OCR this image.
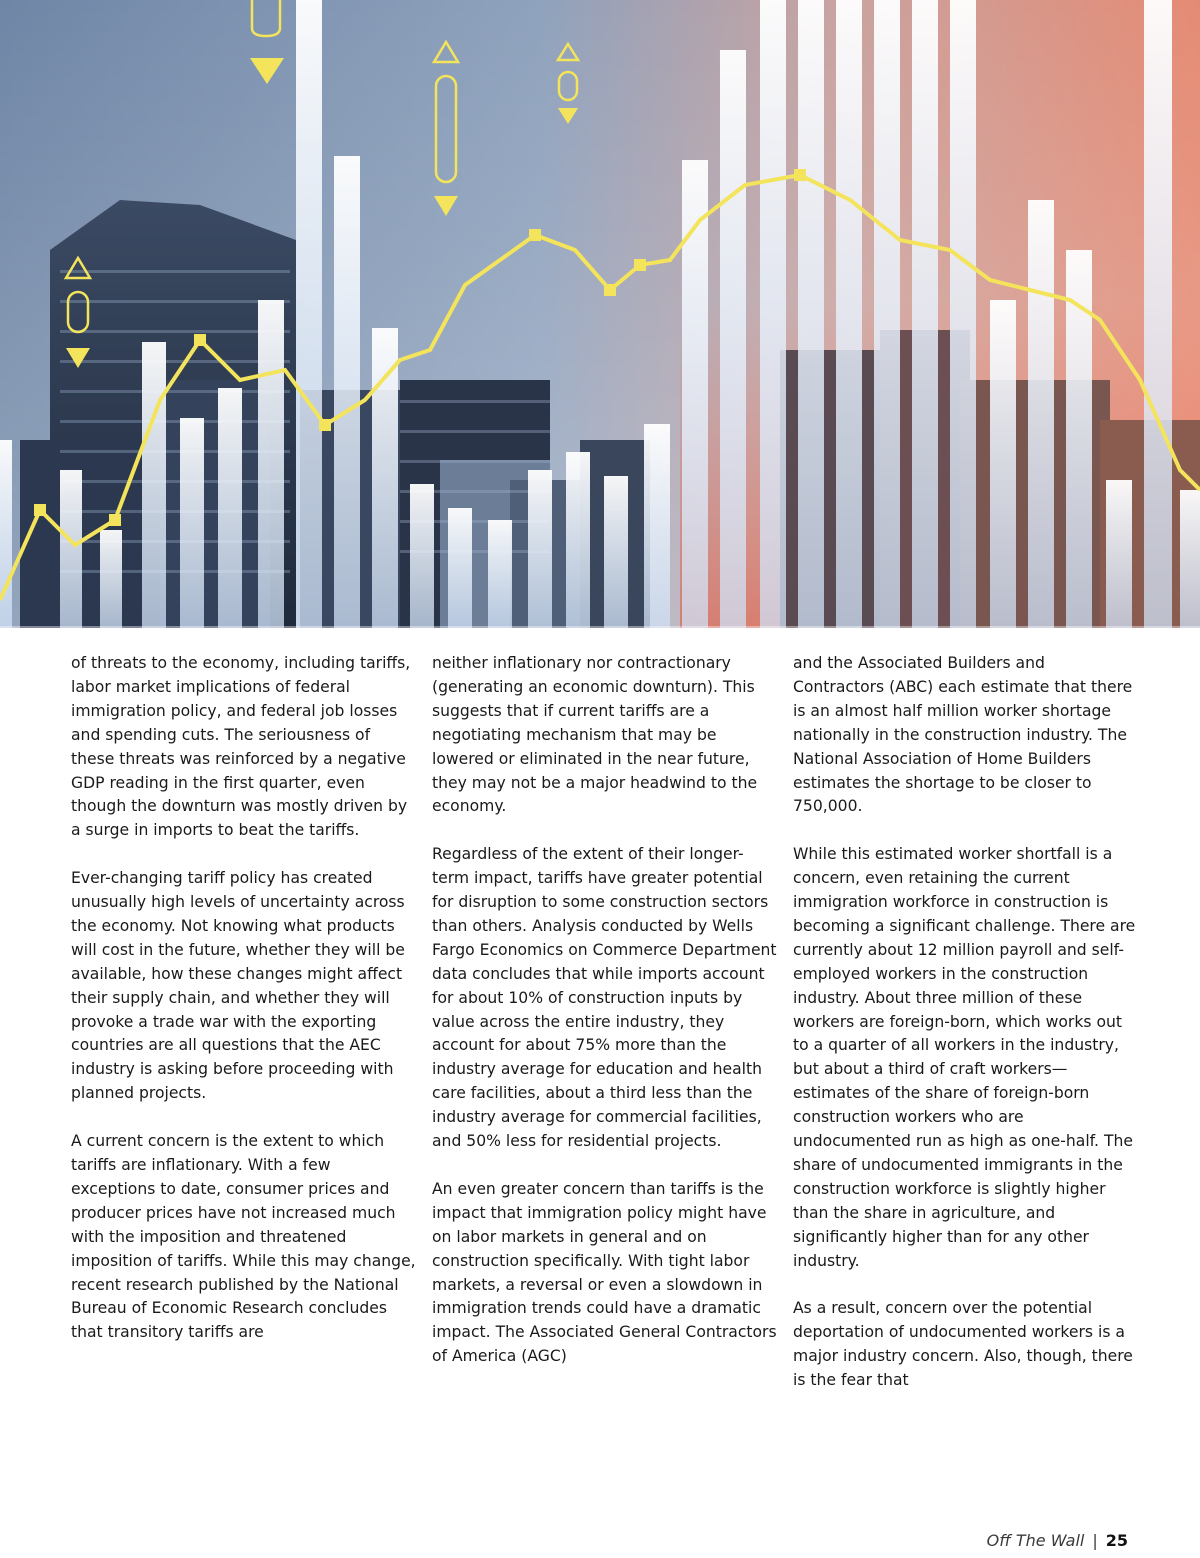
of threats to the economy, including tariffs, labor market implications of federal immigration policy, and federal job losses and spending cuts. The seriousness of these threats was reinforced by a negative GDP reading in the first quarter, even though the downturn was mostly driven by a surge in imports to beat the tariffs.

Ever-changing tariff policy has created unusually high levels of uncertainty across the economy. Not knowing what products will cost in the future, whether they will be available, how these changes might affect their supply chain, and whether they will provoke a trade war with the exporting countries are all questions that the AEC industry is asking before proceeding with planned projects.

A current concern is the extent to which tariffs are inflationary. With a few exceptions to date, consumer prices and producer prices have not increased much with the imposition and threatened imposition of tariffs. While this may change, recent research published by the National Bureau of Economic Research concludes that transitory tariffs are

neither inflationary nor contractionary (generating an economic downturn). This suggests that if current tariffs are a negotiating mechanism that may be lowered or eliminated in the near future, they may not be a major headwind to the economy.

Regardless of the extent of their longer-term impact, tariffs have greater potential for disruption to some construction sectors than others. Analysis conducted by Wells Fargo Economics on Commerce Department data concludes that while imports account for about 10% of construction inputs by value across the entire industry, they account for about 75% more than the industry average for education and health care facilities, about a third less than the industry average for commercial facilities, and 50% less for residential projects.

An even greater concern than tariffs is the impact that immigration policy might have on labor markets in general and on construction specifically. With tight labor markets, a reversal or even a slowdown in immigration trends could have a dramatic impact. The Associated General Contractors of America (AGC)

and the Associated Builders and Contractors (ABC) each estimate that there is an almost half million worker shortage nationally in the construction industry. The National Association of Home Builders estimates the shortage to be closer to 750,000.

While this estimated worker shortfall is a concern, even retaining the current immigration workforce in construction is becoming a significant challenge. There are currently about 12 million payroll and self-employed workers in the construction industry. About three million of these workers are foreign-born, which works out to a quarter of all workers in the industry, but about a third of craft workers—estimates of the share of foreign-born construction workers who are undocumented run as high as one-half. The share of undocumented immigrants in the construction workforce is slightly higher than the share in agriculture, and significantly higher than for any other industry.

As a result, concern over the potential deportation of undocumented workers is a major industry concern. Also, though, there is the fear that

Off The Wall | 25
